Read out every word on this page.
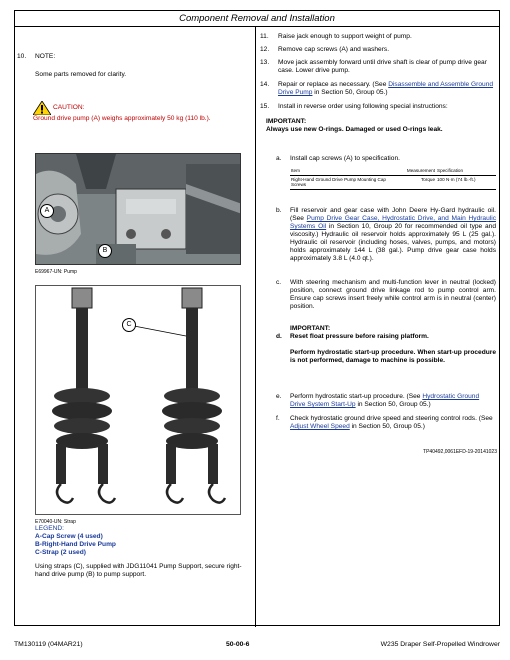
Component Removal and Installation
10. NOTE:
Some parts removed for clarity.
CAUTION:
Ground drive pump (A) weighs approximately 50 kg (110 lb.).
A
B
E69967-UN: Pump
C
E70040-UN: Strap
LEGEND:
A-Cap Screw (4 used)
B-Right-Hand Drive Pump
C-Strap (2 used)
Using straps (C), supplied with JDG11041 Pump Support, secure right-hand drive pump (B) to pump support.
11.	Raise jack enough to support weight of pump.
12.	Remove cap screws (A) and washers.
13.	Move jack assembly forward until drive shaft is clear of pump drive gear case. Lower drive pump.
14.	Repair or replace as necessary. (See Disassemble and Assemble Ground Drive Pump in Section 50, Group 05.)
15.	Install in reverse order using following special instructions:
IMPORTANT:
Always use new O-rings. Damaged or used O-rings leak.
a. Install cap screws (A) to specification.
Item	Measurement	Specification
Right-Hand Ground Drive Pump Mounting Cap Screws	Torque	100 N·m (74 lb.-ft.)
b. Fill reservoir and gear case with John Deere Hy-Gard hydraulic oil. (See Pump Drive Gear Case, Hydrostatic Drive, and Main Hydraulic Systems Oil in Section 10, Group 20 for recommended oil type and viscosity.) Hydraulic oil reservoir holds approximately 95 L (25 gal.). Hydraulic oil reservoir (including hoses, valves, pumps, and motors) holds approximately 144 L (38 gal.). Pump drive gear case holds approximately 3.8 L (4.0 qt.).
c. With steering mechanism and multi-function lever in neutral (locked) position, connect ground drive linkage rod to pump control arm. Ensure cap screws insert freely while control arm is in neutral (center) position.
IMPORTANT:
d. Reset float pressure before raising platform.
Perform hydrostatic start-up procedure. When start-up procedure is not performed, damage to machine is possible.
e. Perform hydrostatic start-up procedure. (See Hydrostatic Ground Drive System Start-Up in Section 50, Group 05.)
f. Check hydrostatic ground drive speed and steering control rods. (See Adjust Wheel Speed in Section 50, Group 05.)
TP40492,0061EFD-19-20141023
TM130119 (04MAR21)	50-00-6	W235 Draper Self-Propelled Windrower
